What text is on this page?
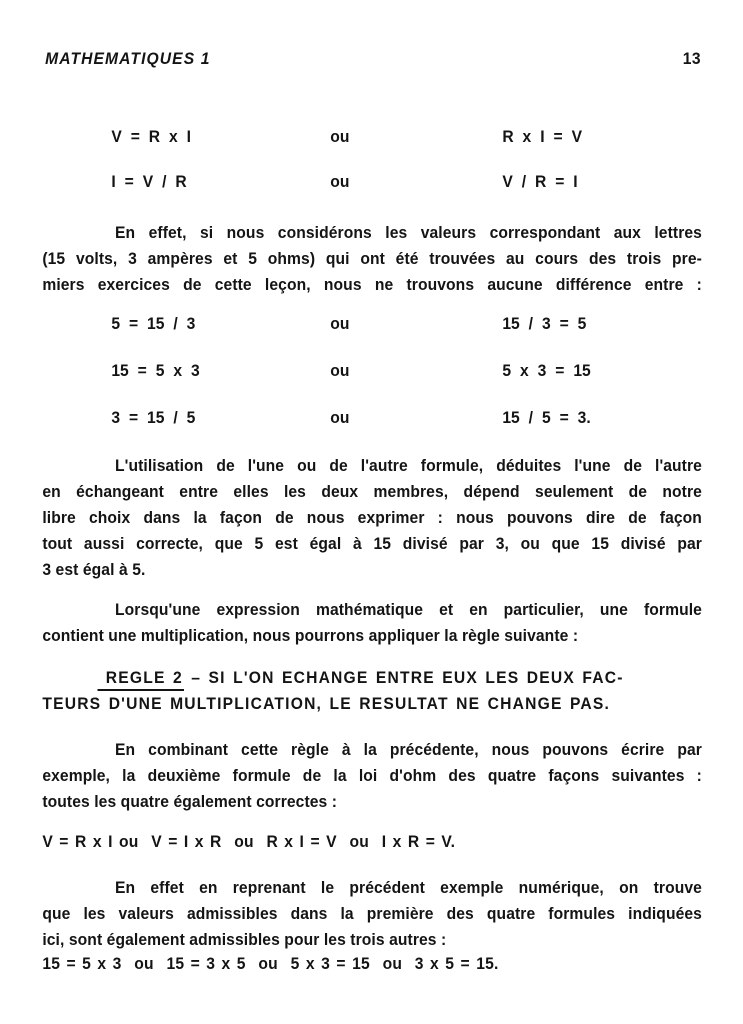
MATHEMATIQUES 1	13
V = R x I	ou	R x I = V
I = V / R	ou	V / R = I
En effet, si nous considérons les valeurs correspondant aux lettres
(15 volts, 3 ampères et 5 ohms) qui ont été trouvées au cours des trois pre-
miers exercices de cette leçon, nous ne trouvons aucune différence entre :
5 = 15 / 3	ou	15 / 3 = 5
15 = 5 x 3	ou	5 x 3 = 15
3 = 15 / 5	ou	15 / 5 = 3.
L'utilisation de l'une ou de l'autre formule, déduites l'une de l'autre
en échangeant entre elles les deux membres, dépend seulement de notre
libre choix dans la façon de nous exprimer : nous pouvons dire de façon
tout aussi correcte, que 5 est égal à 15 divisé par 3, ou que 15 divisé par
3 est égal à 5.
Lorsqu'une expression mathématique et en particulier, une formule
contient une multiplication, nous pourrons appliquer la règle suivante :
REGLE 2 – SI L'ON ECHANGE ENTRE EUX LES DEUX FAC-
TEURS D'UNE MULTIPLICATION, LE RESULTAT NE CHANGE PAS.
En combinant cette règle à la précédente, nous pouvons écrire par
exemple, la deuxième formule de la loi d'ohm des quatre façons suivantes :
toutes les quatre également correctes :
V = R x I ou  V = I x R  ou  R x I = V  ou  I x R = V.
En effet en reprenant le précédent exemple numérique, on trouve
que les valeurs admissibles dans la première des quatre formules indiquées
ici, sont également admissibles pour les trois autres :
15 = 5 x 3  ou  15 = 3 x 5  ou  5 x 3 = 15  ou  3 x 5 = 15.
